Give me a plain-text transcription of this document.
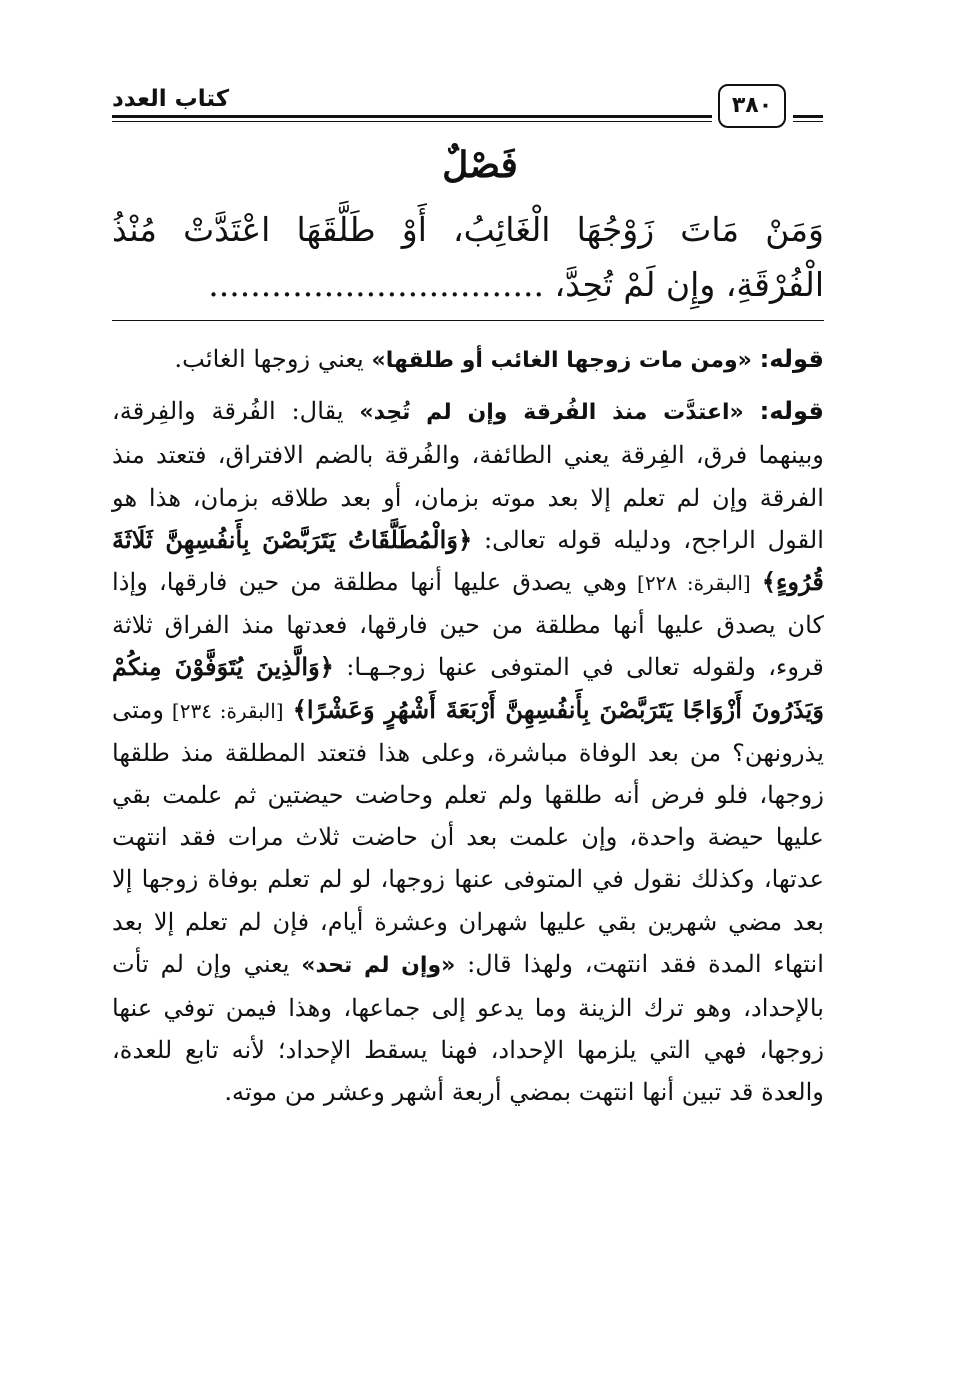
كتاب العدد	٣٨٠
فَصْلٌ
وَمَنْ مَاتَ زَوْجُهَا الْغَائِبُ، أَوْ طَلَّقَهَا اعْتَدَّتْ مُنْذُ
الْفُرْقَةِ، وإِن لَمْ تُحِدَّ، ................................

قوله: «ومن مات زوجها الغائب أو طلقها» يعني زوجها الغائب.

قوله: «اعتدَّت منذ الفُرقة وإن لم تُحِد» يقال: الفُرقة والفِرقة، وبينهما فرق، الفِرقة يعني الطائفة، والفُرقة بالضم الافتراق، فتعتد منذ الفرقة وإن لم تعلم إلا بعد موته بزمان، أو بعد طلاقه بزمان، هذا هو القول الراجح، ودليله قوله تعالى: ﴿وَالْمُطَلَّقَاتُ يَتَرَبَّصْنَ بِأَنفُسِهِنَّ ثَلَاثَةَ قُرُوءٍ﴾ [البقرة: ٢٢٨] وهي يصدق عليها أنها مطلقة من حين فارقها، وإذا كان يصدق عليها أنها مطلقة من حين فارقها، فعدتها منذ الفراق ثلاثة قروء، ولقوله تعالى في المتوفى عنها زوجـهـا: ﴿وَالَّذِينَ يُتَوَفَّوْنَ مِنكُمْ وَيَذَرُونَ أَزْوَاجًا يَتَرَبَّصْنَ بِأَنفُسِهِنَّ أَرْبَعَةَ أَشْهُرٍ وَعَشْرًا﴾ [البقرة: ٢٣٤] ومتى يذرونهن؟ من بعد الوفاة مباشرة، وعلى هذا فتعتد المطلقة منذ طلقها زوجها، فلو فرض أنه طلقها ولم تعلم وحاضت حيضتين ثم علمت بقي عليها حيضة واحدة، وإن علمت بعد أن حاضت ثلاث مرات فقد انتهت عدتها، وكذلك نقول في المتوفى عنها زوجها، لو لم تعلم بوفاة زوجها إلا بعد مضي شهرين بقي عليها شهران وعشرة أيام، فإن لم تعلم إلا بعد انتهاء المدة فقد انتهت، ولهذا قال: «وإن لم تحد» يعني وإن لم تأت بالإحداد، وهو ترك الزينة وما يدعو إلى جماعها، وهذا فيمن توفي عنها زوجها، فهي التي يلزمها الإحداد، فهنا يسقط الإحداد؛ لأنه تابع للعدة، والعدة قد تبين أنها انتهت بمضي أربعة أشهر وعشر من موته.
